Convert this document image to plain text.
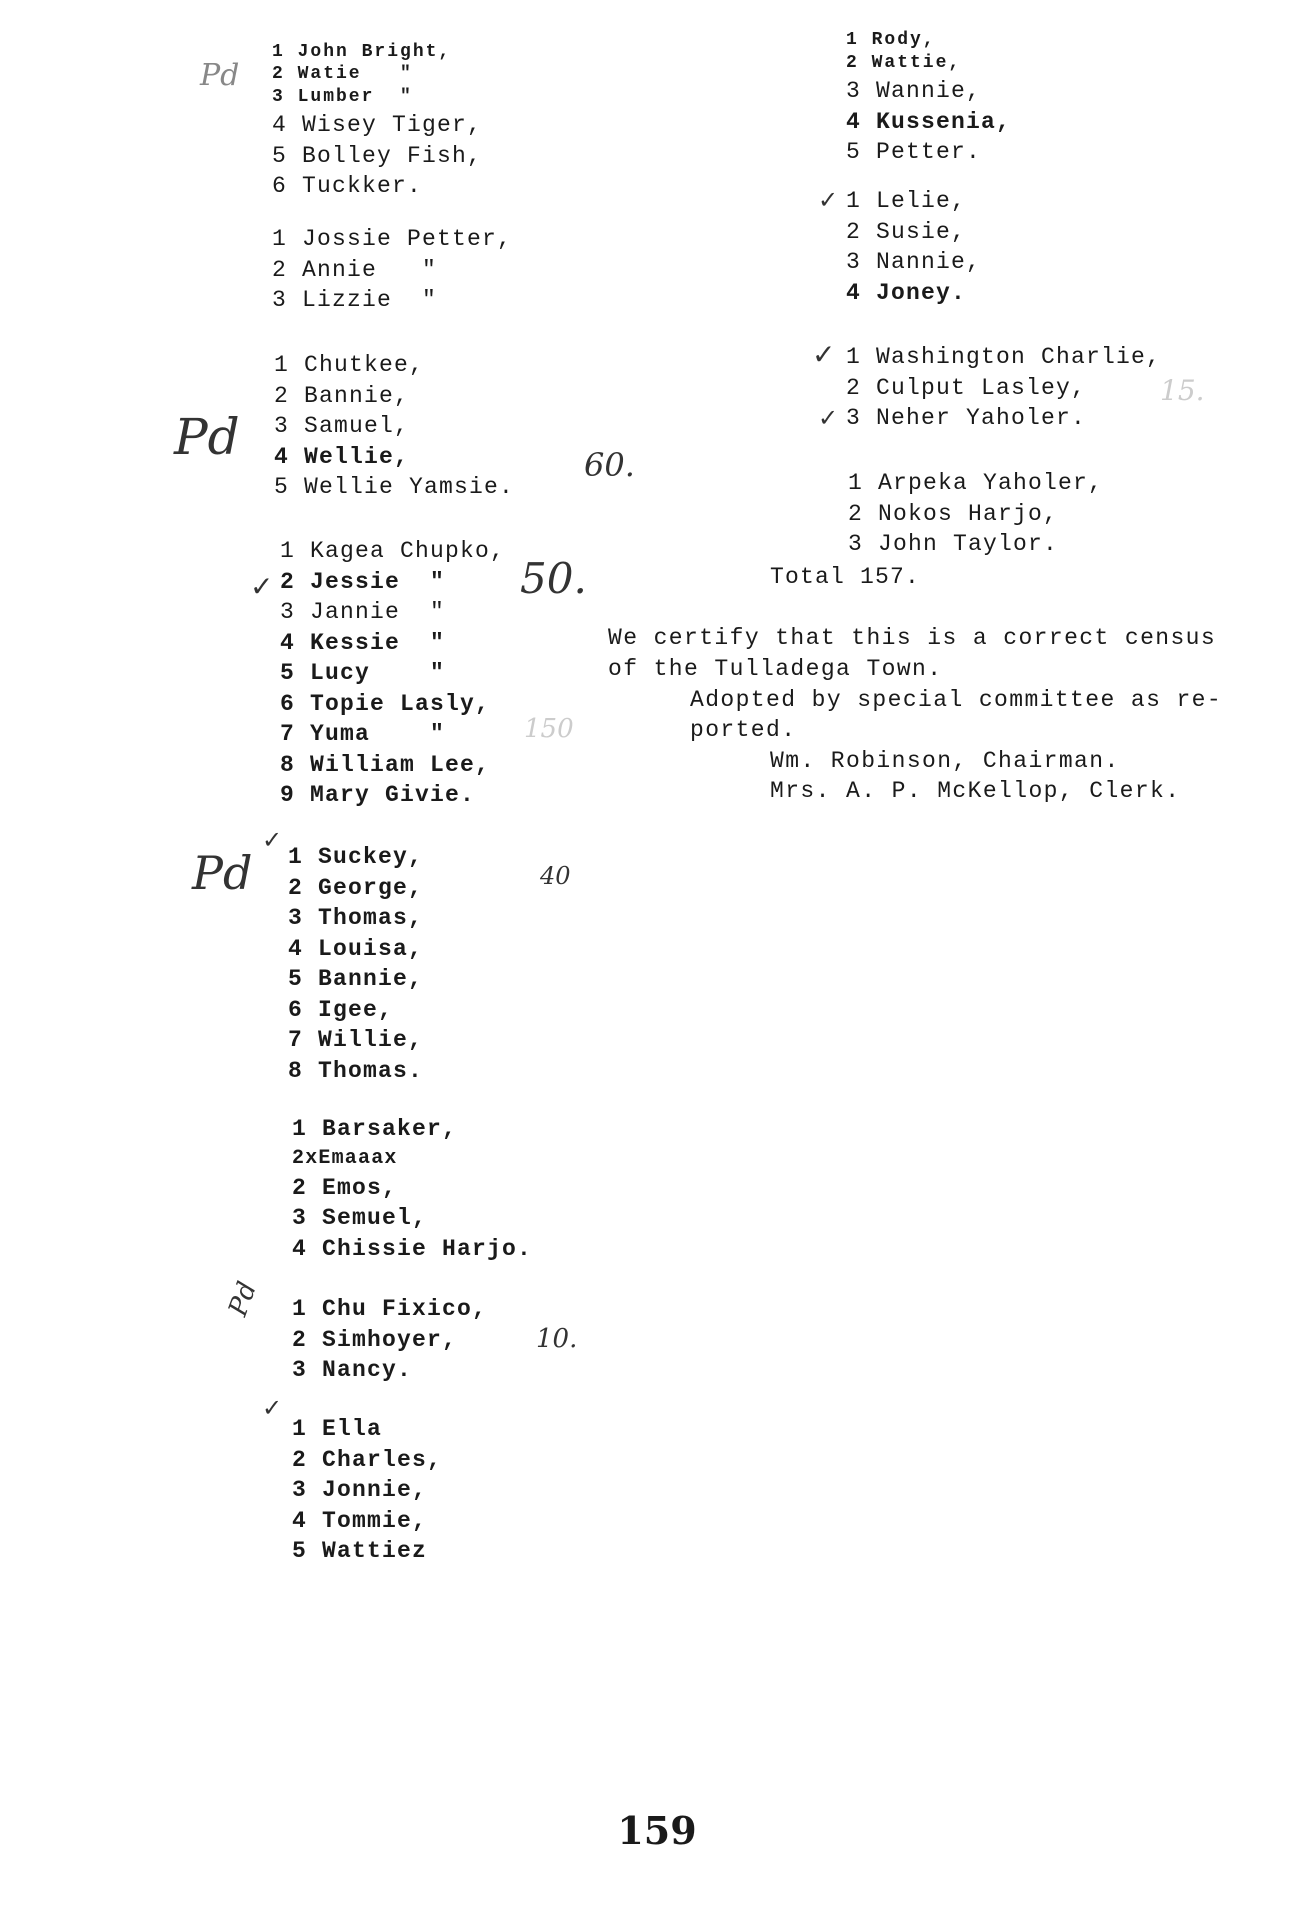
1 John Bright,
2 Watie   "
3 Lumber  "
4 Wisey Tiger,
5 Bolley Fish,
6 Tuckker.
1 Jossie Petter,
2 Annie   "
3 Lizzie  "
1 Chutkee,
2 Bannie,
3 Samuel,
4 Wellie,
5 Wellie Yamsie.
1 Kagea Chupko,
2 Jessie  "
3 Jannie  "
4 Kessie  "
5 Lucy    "
6 Topie Lasly,
7 Yuma    "
8 William Lee,
9 Mary Givie.
1 Suckey,
2 George,
3 Thomas,
4 Louisa,
5 Bannie,
6 Igee,
7 Willie,
8 Thomas.
1 Barsaker,
2xEmaaax
2 Emos,
3 Semuel,
4 Chissie Harjo.
1 Chu Fixico,
2 Simhoyer,
3 Nancy.
1 Ella
2 Charles,
3 Jonnie,
4 Tommie,
5 Wattiez
1 Rody,
2 Wattie,
3 Wannie,
4 Kussenia,
5 Petter.
1 Lelie,
2 Susie,
3 Nannie,
4 Joney.
1 Washington Charlie,
2 Culput Lasley,
3 Neher Yaholer.
1 Arpeka Yaholer,
2 Nokos Harjo,
3 John Taylor.
Total 157.
We certify that this is a correct census
of the Tulladega Town.
Adopted by special committee as re-
ported.
Wm. Robinson, Chairman.
Mrs. A. P. McKellop, Clerk.
Pd
Pd
Pd
Pd
60.
50.
150
40
10.
15.
✓
✓
✓
✓
✓
✓
159
